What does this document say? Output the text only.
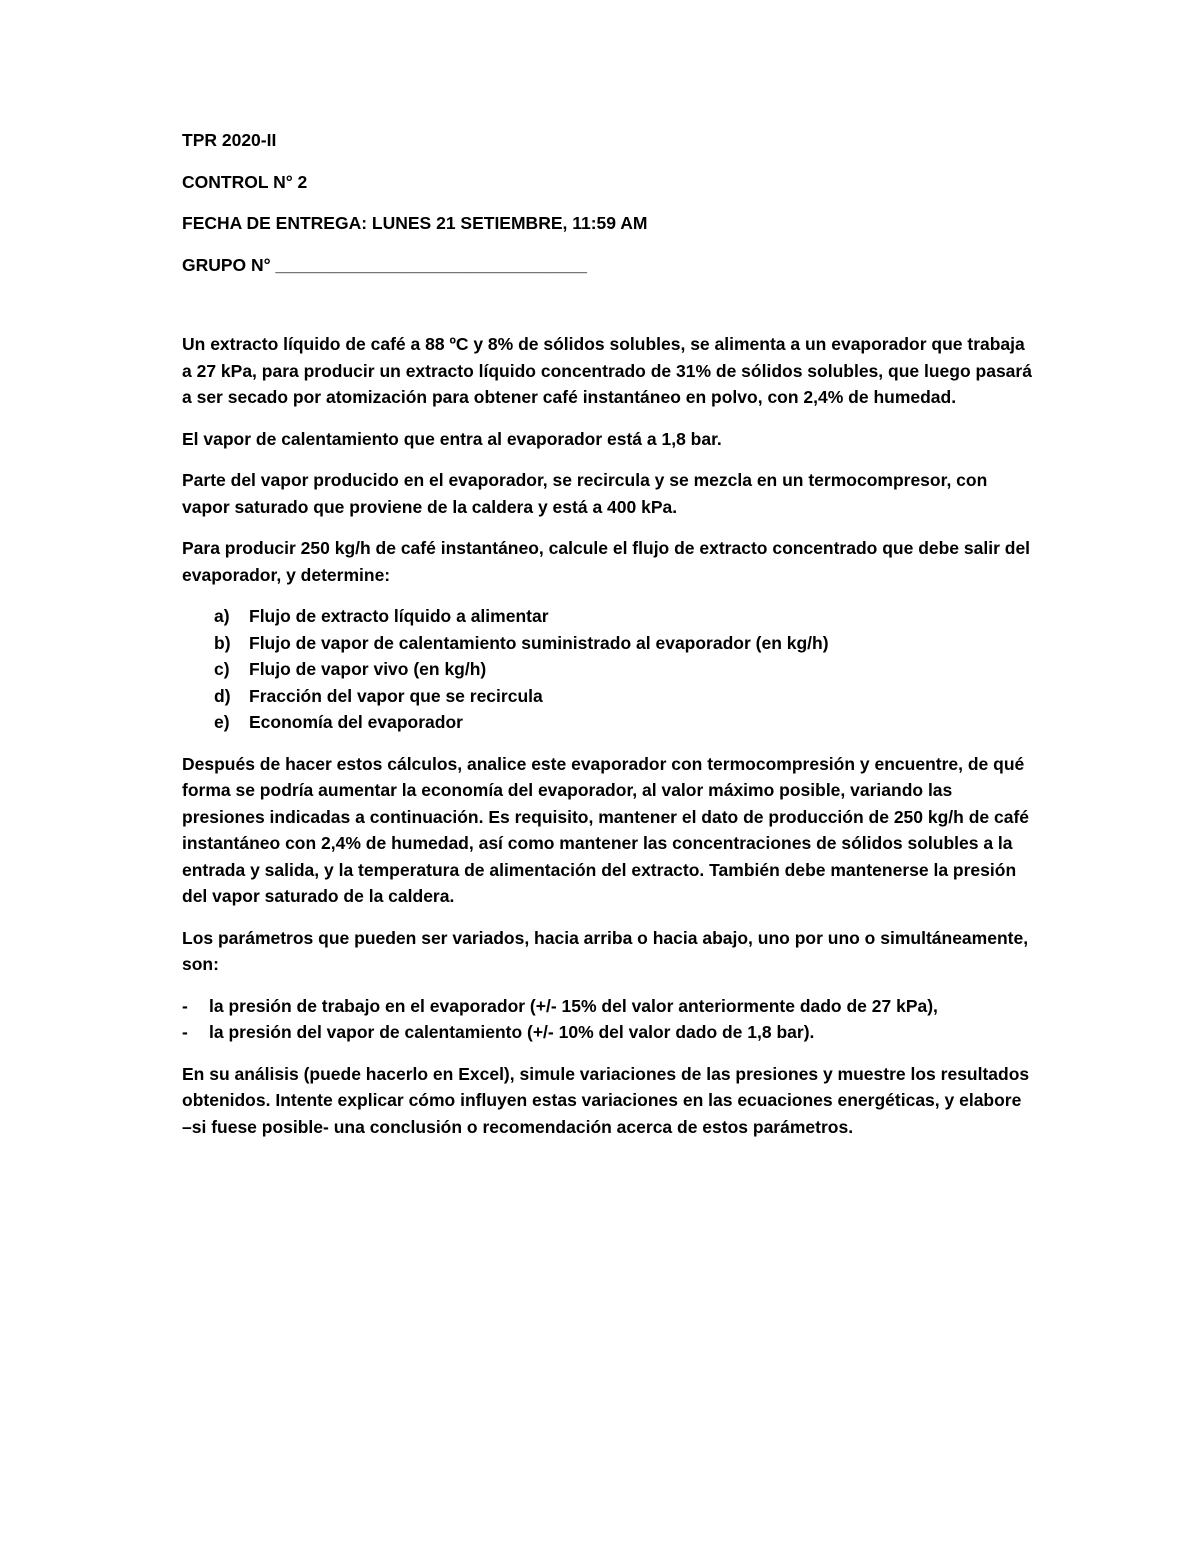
TPR 2020-II
CONTROL N° 2
FECHA DE ENTREGA: LUNES 21 SETIEMBRE, 11:59 AM
GRUPO N° ________________________________

Un extracto líquido de café a 88 ºC y 8% de sólidos solubles, se alimenta a un evaporador que trabaja a 27 kPa, para producir un extracto líquido concentrado de 31% de sólidos solubles, que luego pasará a ser secado por atomización para obtener café instantáneo en polvo, con 2,4% de humedad.

El vapor de calentamiento que entra al evaporador está a 1,8 bar.

Parte del vapor producido en el evaporador, se recircula y se mezcla en un termocompresor, con vapor saturado que proviene de la caldera y está a 400 kPa.

Para producir 250 kg/h de café instantáneo, calcule el flujo de extracto concentrado que debe salir del evaporador, y determine:

a) Flujo de extracto líquido a alimentar
b) Flujo de vapor de calentamiento suministrado al evaporador (en kg/h)
c) Flujo de vapor vivo (en kg/h)
d) Fracción del vapor que se recircula
e) Economía del evaporador

Después de hacer estos cálculos, analice este evaporador con termocompresión y encuentre, de qué forma se podría aumentar la economía del evaporador, al valor máximo posible, variando las presiones indicadas a continuación. Es requisito, mantener el dato de producción de 250 kg/h de café instantáneo con 2,4% de humedad, así como mantener las concentraciones de sólidos solubles a la entrada y salida, y la temperatura de alimentación del extracto. También debe mantenerse la presión del vapor saturado de la caldera.

Los parámetros que pueden ser variados, hacia arriba o hacia abajo, uno por uno o simultáneamente, son:

- la presión de trabajo en el evaporador (+/- 15% del valor anteriormente dado de 27 kPa),
- la presión del vapor de calentamiento (+/- 10% del valor dado de 1,8 bar).

En su análisis (puede hacerlo en Excel), simule variaciones de las presiones y muestre los resultados obtenidos. Intente explicar cómo influyen estas variaciones en las ecuaciones energéticas, y elabore –si fuese posible- una conclusión o recomendación acerca de estos parámetros.
